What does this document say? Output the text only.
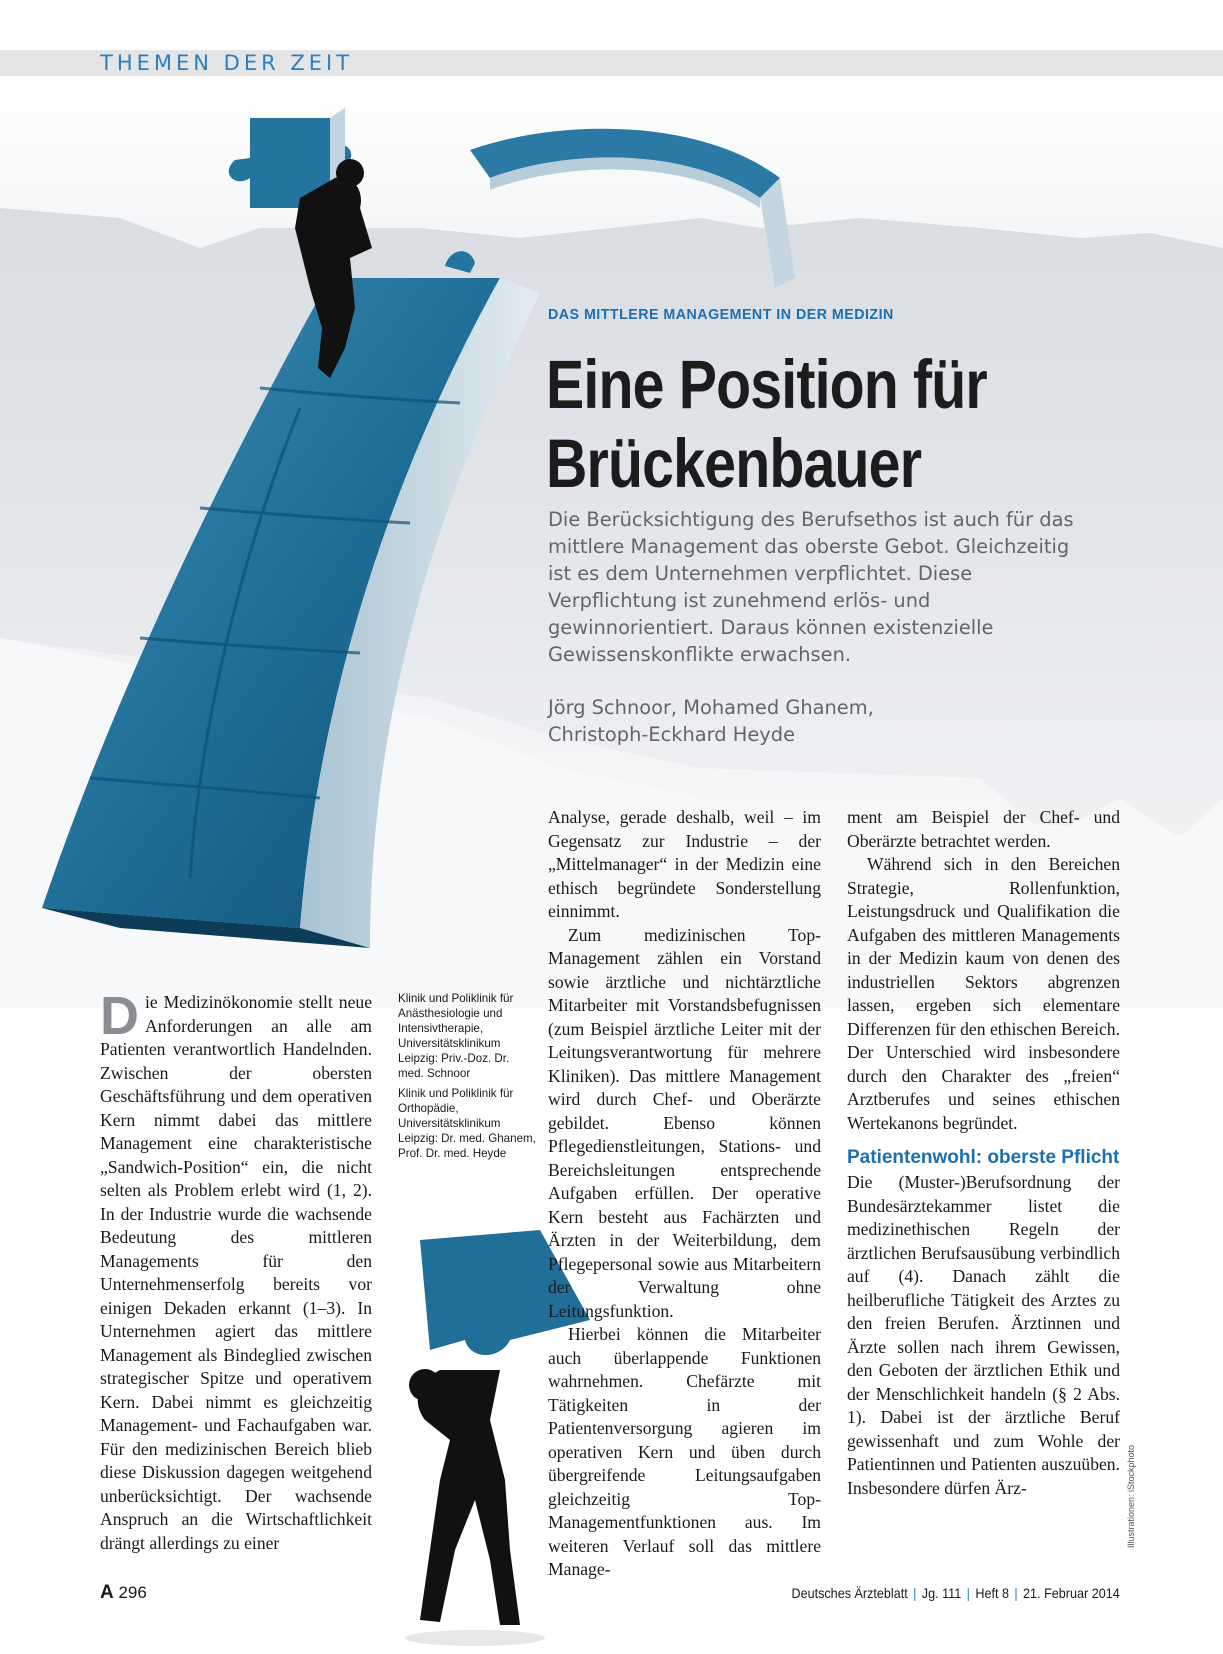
THEMEN DER ZEIT
DAS MITTLERE MANAGEMENT IN DER MEDIZIN
Eine Position für
Brückenbauer
Die Berücksichtigung des Berufsethos ist auch für das mittlere Management das oberste Gebot. Gleichzeitig ist es dem Unternehmen verpflichtet. Diese Verpflichtung ist zunehmend erlös- und gewinnorientiert. Daraus können existenzielle Gewissenskonflikte erwachsen.
Jörg Schnoor, Mohamed Ghanem,
Christoph-Eckhard Heyde
D ie Medizinökonomie stellt neue Anforderungen an alle am Patienten verantwortlich Handelnden. Zwischen der obersten Geschäftsführung und dem operativen Kern nimmt dabei das mittlere Management eine charakteristische „Sandwich-Position“ ein, die nicht selten als Problem erlebt wird (1, 2). In der Industrie wurde die wachsende Bedeutung des mittleren Managements für den Unternehmenserfolg bereits vor einigen Dekaden erkannt (1–3). In Unternehmen agiert das mittlere Management als Bindeglied zwischen strategischer Spitze und operativem Kern. Dabei nimmt es gleichzeitig Management- und Fachaufgaben war. Für den medizinischen Bereich blieb diese Diskussion dagegen weitgehend unberücksichtigt. Der wachsende Anspruch an die Wirtschaftlichkeit drängt allerdings zu einer
Klinik und Poliklinik für Anästhesiologie und Intensivtherapie, Universitätsklinikum Leipzig: Priv.-Doz. Dr. med. Schnoor
Klinik und Poliklinik für Orthopädie, Universitätsklinikum Leipzig: Dr. med. Ghanem, Prof. Dr. med. Heyde

Analyse, gerade deshalb, weil – im Gegensatz zur Industrie – der „Mittelmanager“ in der Medizin eine ethisch begründete Sonderstellung einnimmt.

Zum medizinischen Top-Management zählen ein Vorstand sowie ärztliche und nichtärztliche Mitarbeiter mit Vorstandsbefugnissen (zum Beispiel ärztliche Leiter mit der Leitungsverantwortung für mehrere Kliniken). Das mittlere Management wird durch Chef- und Oberärzte gebildet. Ebenso können Pflegedienstleitungen, Stations- und Bereichsleitungen entsprechende Aufgaben erfüllen. Der operative Kern besteht aus Fachärzten und Ärzten in der Weiterbildung, dem Pflegepersonal sowie aus Mitarbeitern der Verwaltung ohne Leitungsfunktion.

Hierbei können die Mitarbeiter auch überlappende Funktionen wahrnehmen. Chefärzte mit Tätigkeiten in der Patientenversorgung agieren im operativen Kern und üben durch übergreifende Leitungsaufgaben gleichzeitig Top-Managementfunktionen aus. Im weiteren Verlauf soll das mittlere Manage-

ment am Beispiel der Chef- und Oberärzte betrachtet werden.

Während sich in den Bereichen Strategie, Rollenfunktion, Leistungsdruck und Qualifikation die Aufgaben des mittleren Managements in der Medizin kaum von denen des industriellen Sektors abgrenzen lassen, ergeben sich elementare Differenzen für den ethischen Bereich. Der Unterschied wird insbesondere durch den Charakter des „freien“ Arztberufes und seines ethischen Wertekanons begründet.

Patientenwohl: oberste Pflicht

Die (Muster-)Berufsordnung der Bundesärztekammer listet die medizinethischen Regeln der ärztlichen Berufsausübung verbindlich auf (4). Danach zählt die heilberufliche Tätigkeit des Arztes zu den freien Berufen. Ärztinnen und Ärzte sollen nach ihrem Gewissen, den Geboten der ärztlichen Ethik und der Menschlichkeit handeln (§ 2 Abs. 1). Dabei ist der ärztliche Beruf gewissenhaft und zum Wohle der Patientinnen und Patienten auszuüben. Insbesondere dürfen Ärz-	Illustrationen: iStockphoto
A 296	Deutsches Ärzteblatt | Jg. 111 | Heft 8 | 21. Februar 2014
